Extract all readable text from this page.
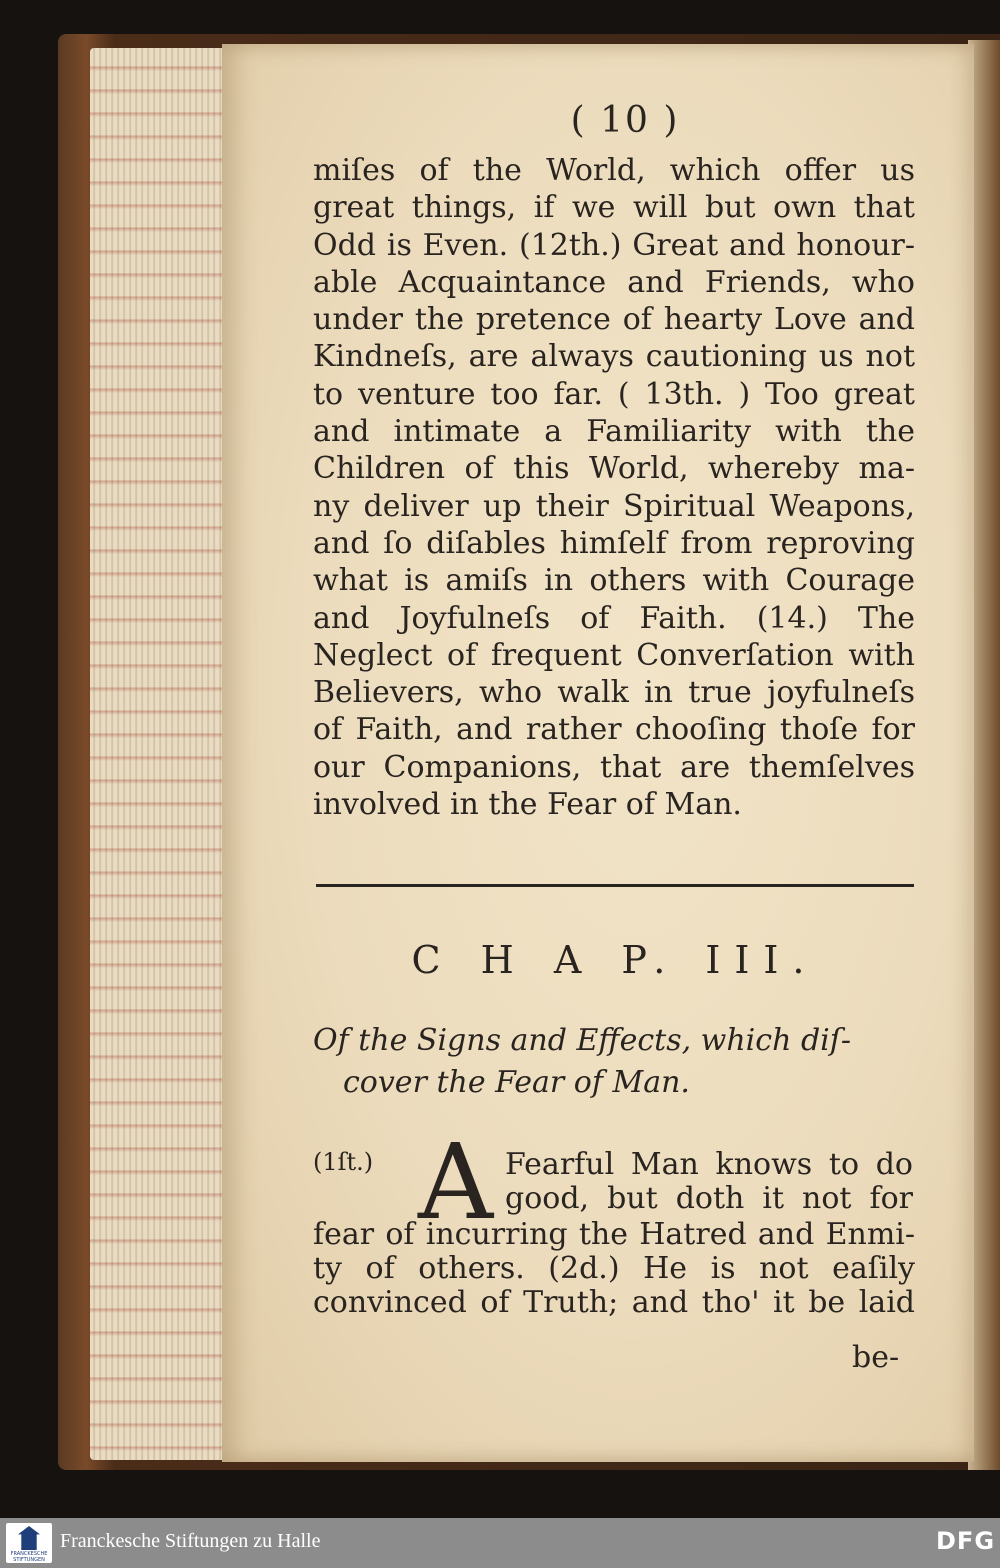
( 10 )
miſes of the World, which offer us
great things, if we will but own that
Odd is Even. (12th.) Great and honour-
able Acquaintance and Friends, who
under the pretence of hearty Love and
Kindneſs, are always cautioning us not
to venture too far. ( 13th. ) Too great
and intimate a Familiarity with the
Children of this World, whereby ma-
ny deliver up their Spiritual Weapons,
and ſo diſables himſelf from reproving
what is amiſs in others with Courage
and Joyfulneſs of Faith. (14.) The
Neglect of frequent Converſation with
Believers, who walk in true joyfulneſs
of Faith, and rather chooſing thoſe for
our Companions, that are themſelves
involved in the Fear of Man.
C H A P. III.
Of the Signs and Effects, which diſ-
cover the Fear of Man.
(1ſt.) A Fearful Man knows to do
good, but doth it not for
fear of incurring the Hatred and Enmi-
ty of others. (2d.) He is not eaſily
convinced of Truth; and tho' it be laid
be-
FRANCKESCHE STIFTUNGEN
Franckesche Stiftungen zu Halle	DFG
